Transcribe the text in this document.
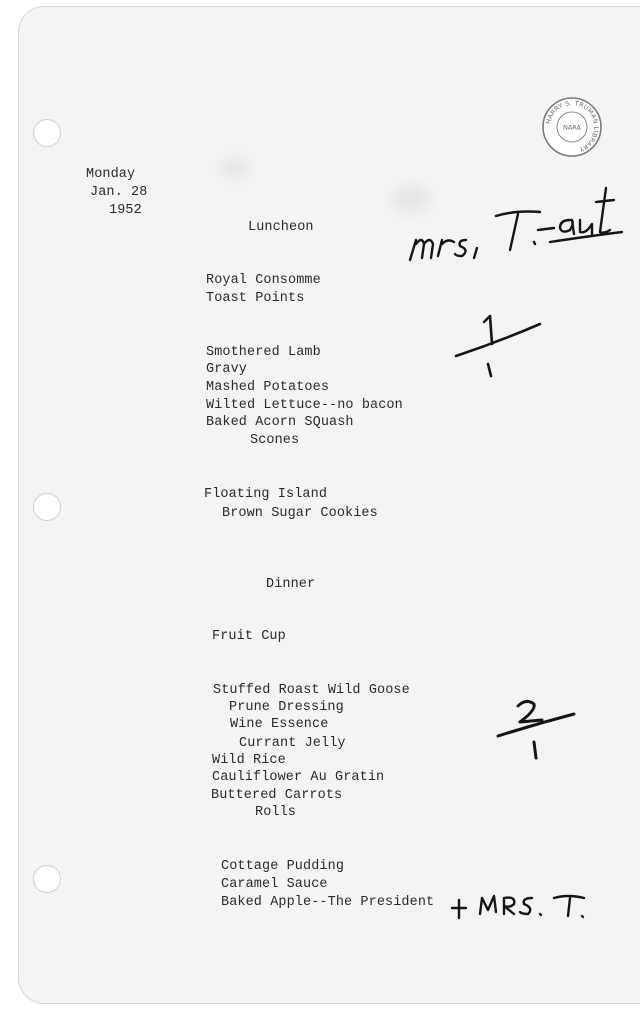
HARRY S. TRUMAN LIBRARY
NARA
Monday
Jan. 28
1952
Luncheon
Royal Consomme
Toast Points
Smothered Lamb
Gravy
Mashed Potatoes
Wilted Lettuce--no bacon
Baked Acorn SQuash
Scones
Floating Island
Brown Sugar Cookies
Dinner
Fruit Cup
Stuffed Roast Wild Goose
Prune Dressing
Wine Essence
Currant Jelly
Wild Rice
Cauliflower Au Gratin
Buttered Carrots
Rolls
Cottage Pudding
Caramel Sauce
Baked Apple--The President
